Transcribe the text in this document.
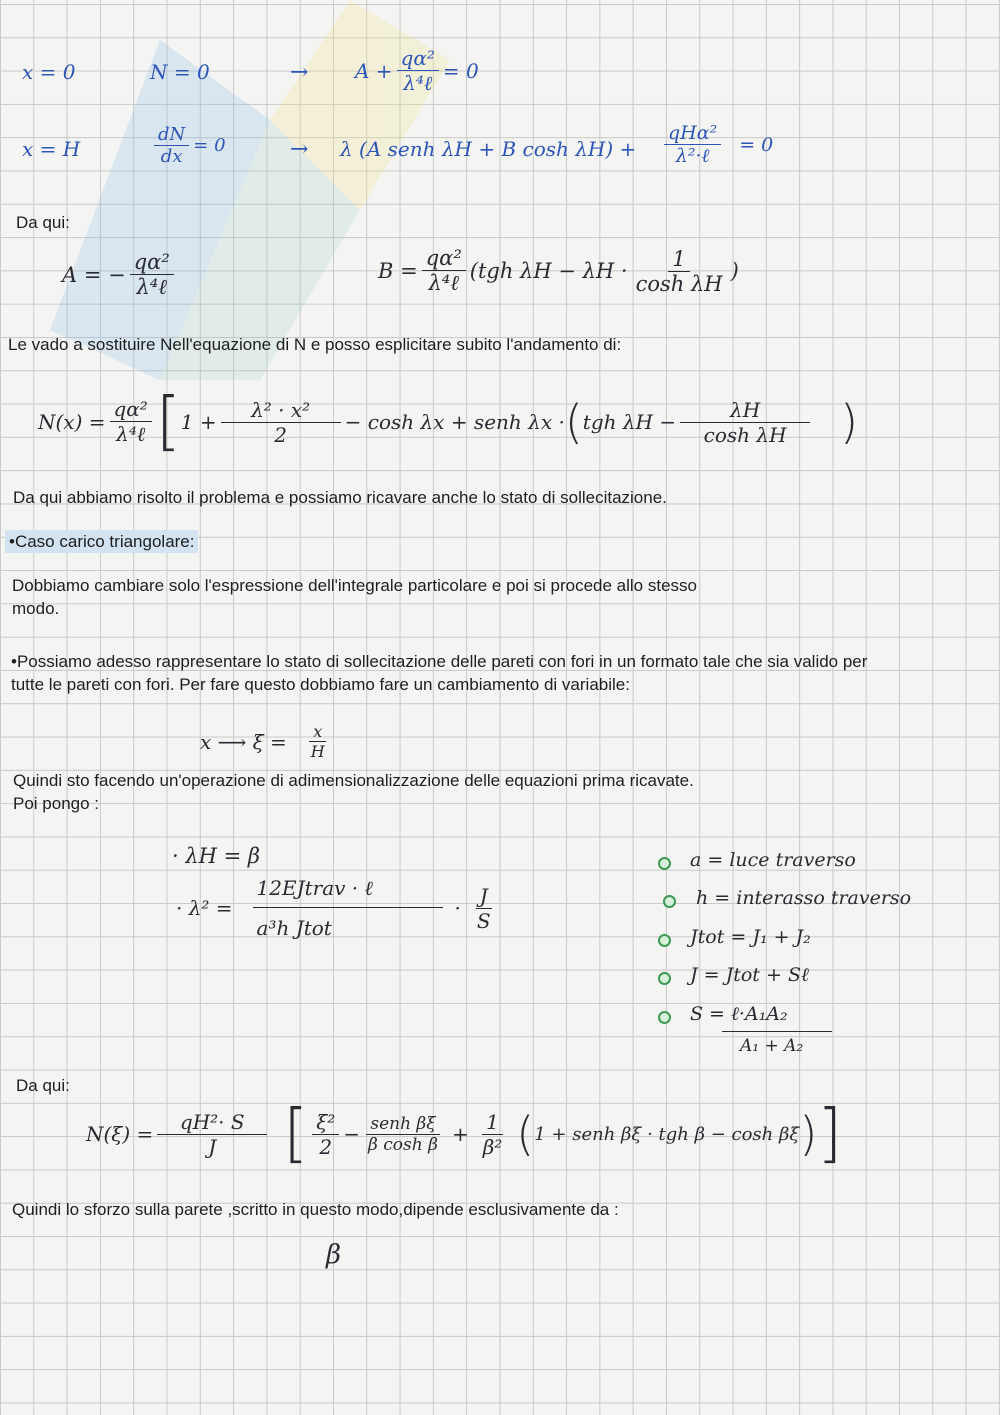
x = 0	N = 0	→ $A + \frac{\text{qα²}}{\text{λ⁴ℓ}} = 0$
x = H	$\frac{dN}{dx} = 0$	→ λ (A senh λH + B $\cosh \lambda H) + \frac{\text{qHα²}}{\text{λ²·ℓ}} = 0$
Da qui:
A = − $\frac{\text{qα²}}{\text{λ⁴ℓ}}$	$B = \frac{\text{qα²}}{\text{λ⁴ℓ}} (tgh$ $\lambda H - \lambda H \cdot \frac{1}{\text{cosh λH}}$ )
Le vado a sostituire Nell'equazione di N e posso esplicitare subito l'andamento di:
$N(x) = \frac{\text{qα²}}{\text{λ⁴ℓ}}$ [ $1 + \frac{\text{λ² · x²}}{2} - \cosh \lambda x$ + senh λx · ( tgh $\lambda H - \frac{\lambda H}{\text{cosh λH}}$ )
Da qui abbiamo risolto il problema e possiamo ricavare anche lo stato di sollecitazione.
•Caso carico triangolare:
Dobbiamo cambiare solo l'espressione dell'integrale particolare e poi si procede allo stesso
modo.
•Possiamo adesso rappresentare lo stato di sollecitazione delle pareti con fori in un formato tale che sia valido per
tutte le pareti con fori. Per fare questo dobbiamo fare un cambiamento di variabile:
x ⟶ $\xi = \frac{x}{H}$
Quindi sto facendo un'operazione di adimensionalizzazione delle equazioni prima ricavate.
Poi pongo :
· λH = β
· $\lambda^2 = \frac{\text{12EJtrav · ℓ}}{\text{a³h Jtot}} \cdot \frac{J}{S}$
a = luce traverso
h = interasso traverso
Jtot = J₁ + J₂
J = Jtot + Sℓ
S = ℓ·A₁A₂
A₁ + A₂
Da qui:
$N(\xi) = \frac{\text{qH²· S}}{J}$ [ $\frac{\text{ξ²}}{2} - \frac{\text{senh βξ}}{\text{β cosh β}} + \frac{1}{\text{β²}}$ ( 1 + senh βξ · tgh β − cosh βξ ) ]
Quindi lo sforzo sulla parete ,scritto in questo modo,dipende esclusivamente da :
β
